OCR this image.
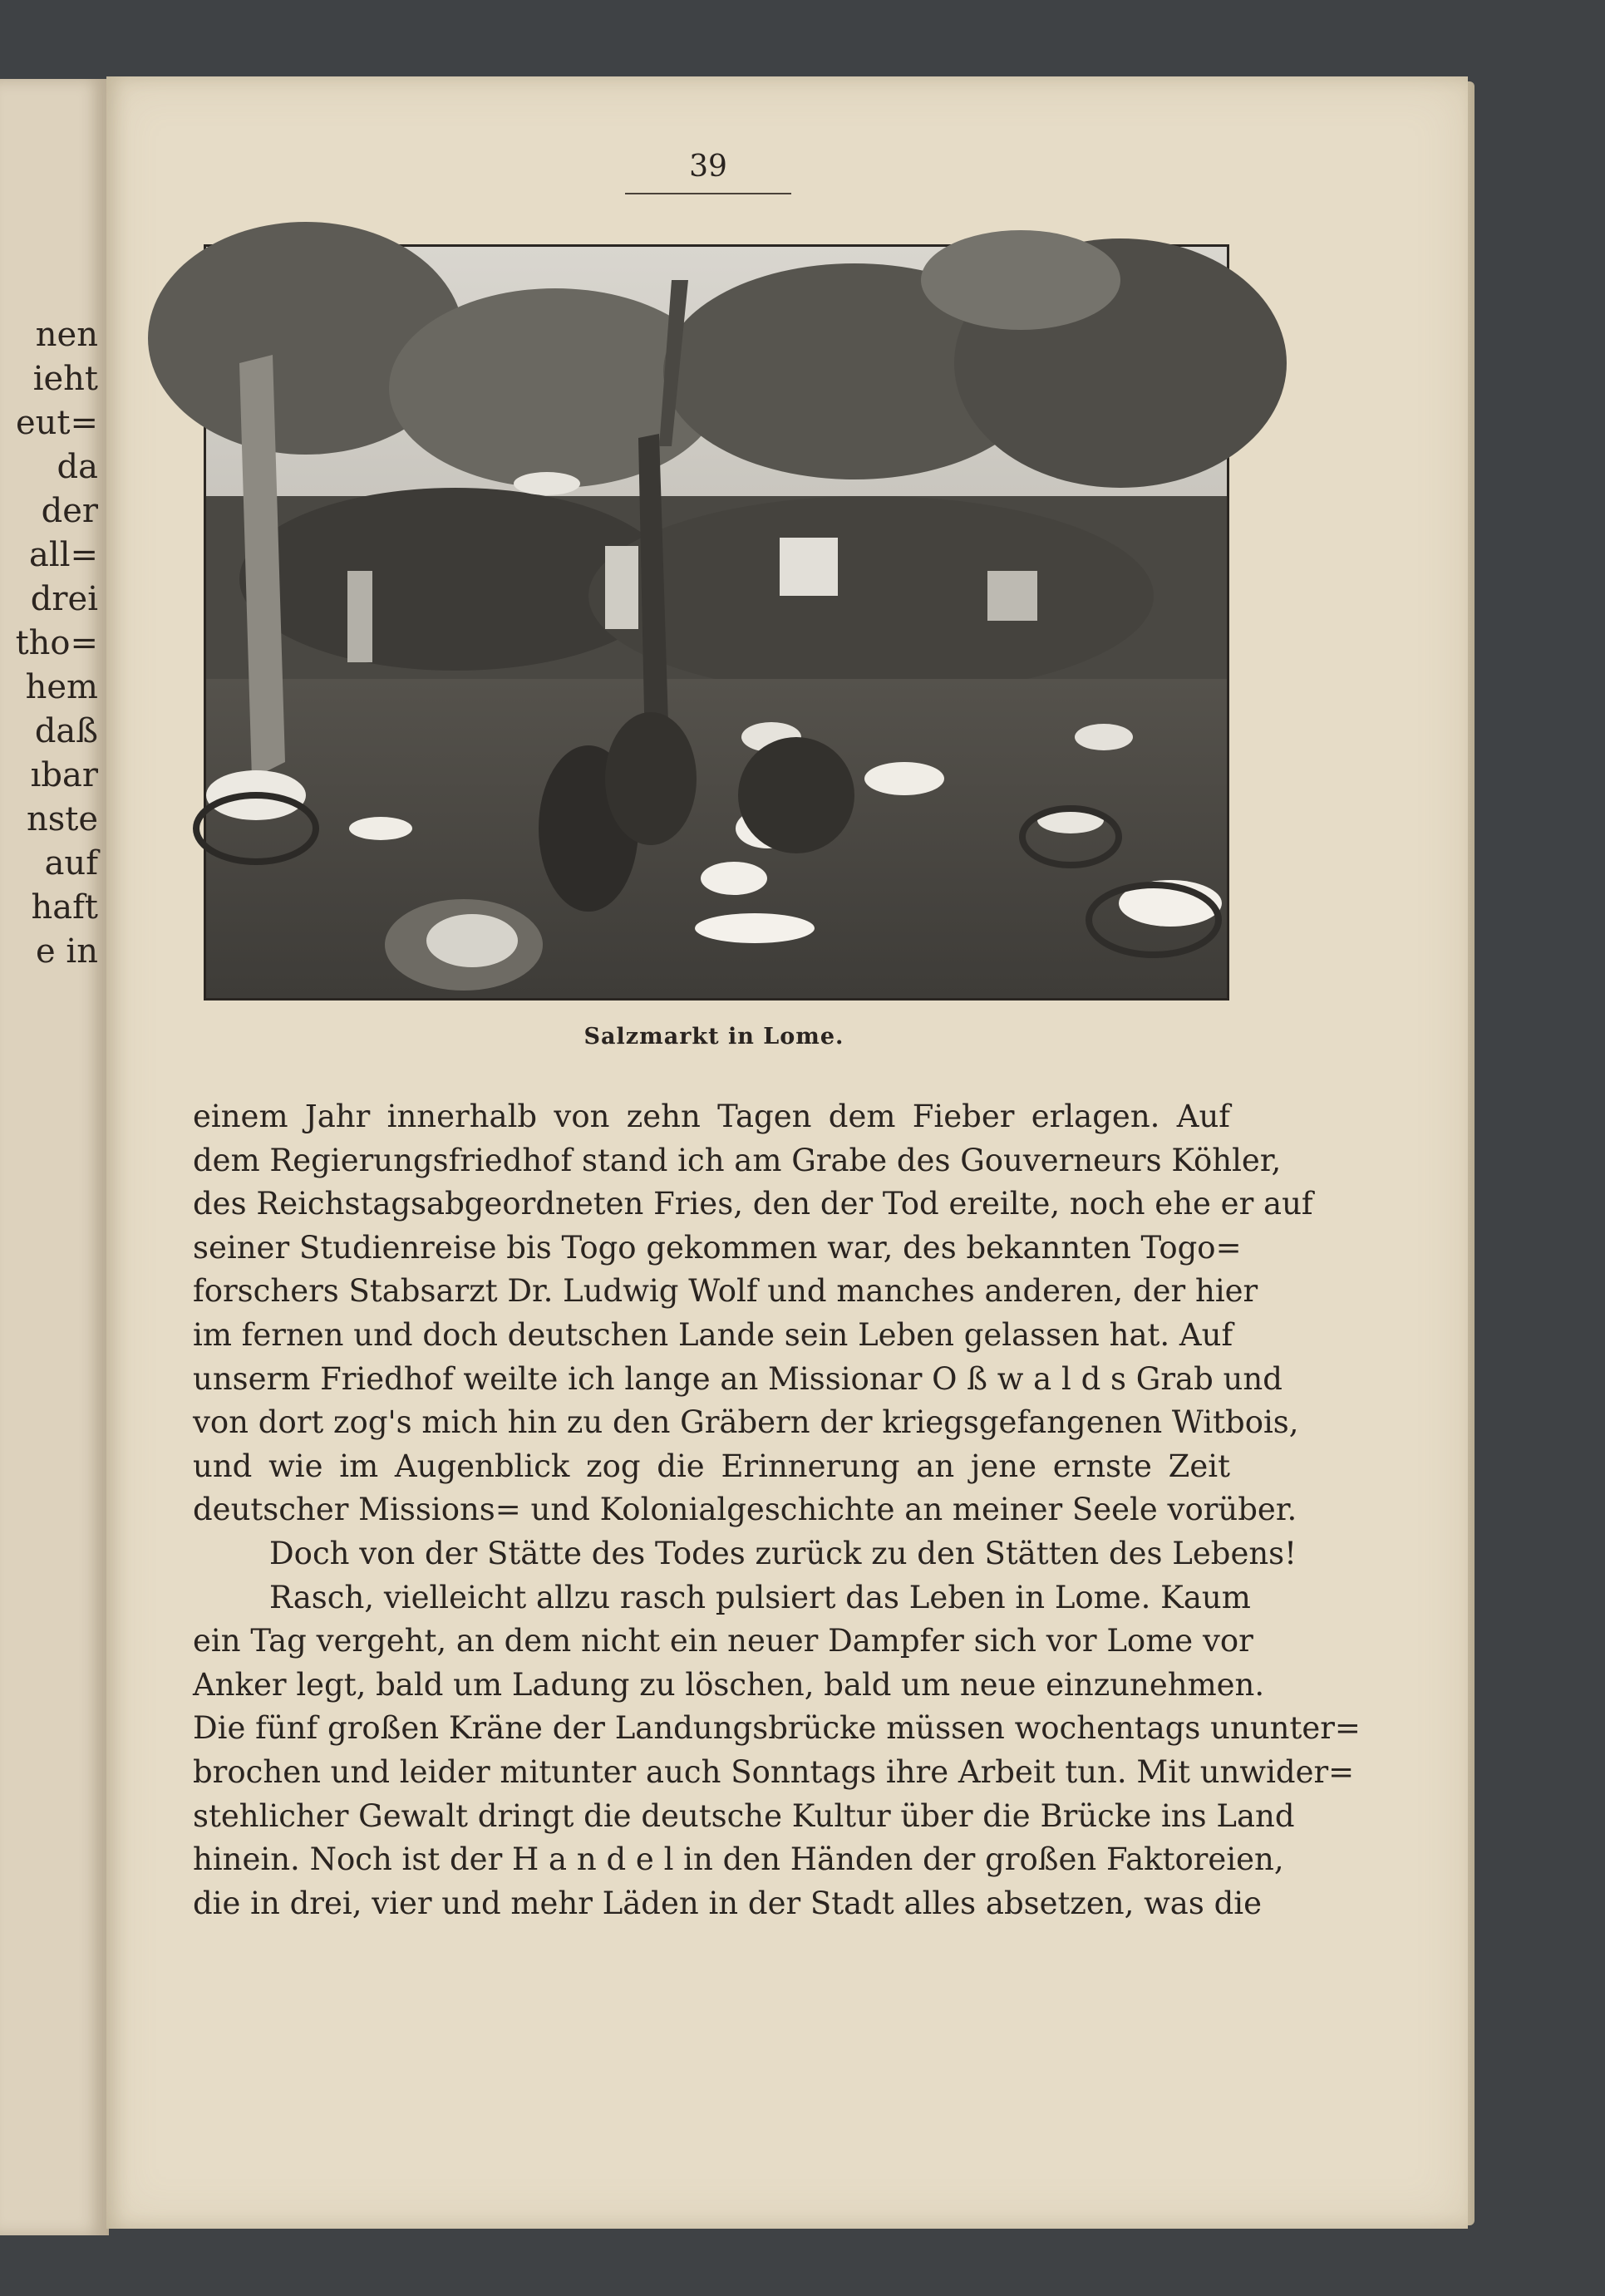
nen
ieht
eut=
da
der
all=
drei
tho=
hem
daß
ıbar
nste
auf
haft
e in
39
Salzmarkt in Lome.
einem Jahr innerhalb von zehn Tagen dem Fieber erlagen. Auf
dem Regierungsfriedhof stand ich am Grabe des Gouverneurs Köhler,
des Reichstagsabgeordneten Fries, den der Tod ereilte, noch ehe er auf
seiner Studienreise bis Togo gekommen war, des bekannten Togo=
forschers Stabsarzt Dr. Ludwig Wolf und manches anderen, der hier
im fernen und doch deutschen Lande sein Leben gelassen hat. Auf
unserm Friedhof weilte ich lange an Missionar O ß w a l d s Grab und
von dort zog's mich hin zu den Gräbern der kriegsgefangenen Witbois,
und wie im Augenblick zog die Erinnerung an jene ernste Zeit
deutscher Missions= und Kolonialgeschichte an meiner Seele vorüber.
Doch von der Stätte des Todes zurück zu den Stätten des Lebens!
Rasch, vielleicht allzu rasch pulsiert das Leben in Lome. Kaum
ein Tag vergeht, an dem nicht ein neuer Dampfer sich vor Lome vor
Anker legt, bald um Ladung zu löschen, bald um neue einzunehmen.
Die fünf großen Kräne der Landungsbrücke müssen wochentags ununter=
brochen und leider mitunter auch Sonntags ihre Arbeit tun. Mit unwider=
stehlicher Gewalt dringt die deutsche Kultur über die Brücke ins Land
hinein. Noch ist der H a n d e l in den Händen der großen Faktoreien,
die in drei, vier und mehr Läden in der Stadt alles absetzen, was die
